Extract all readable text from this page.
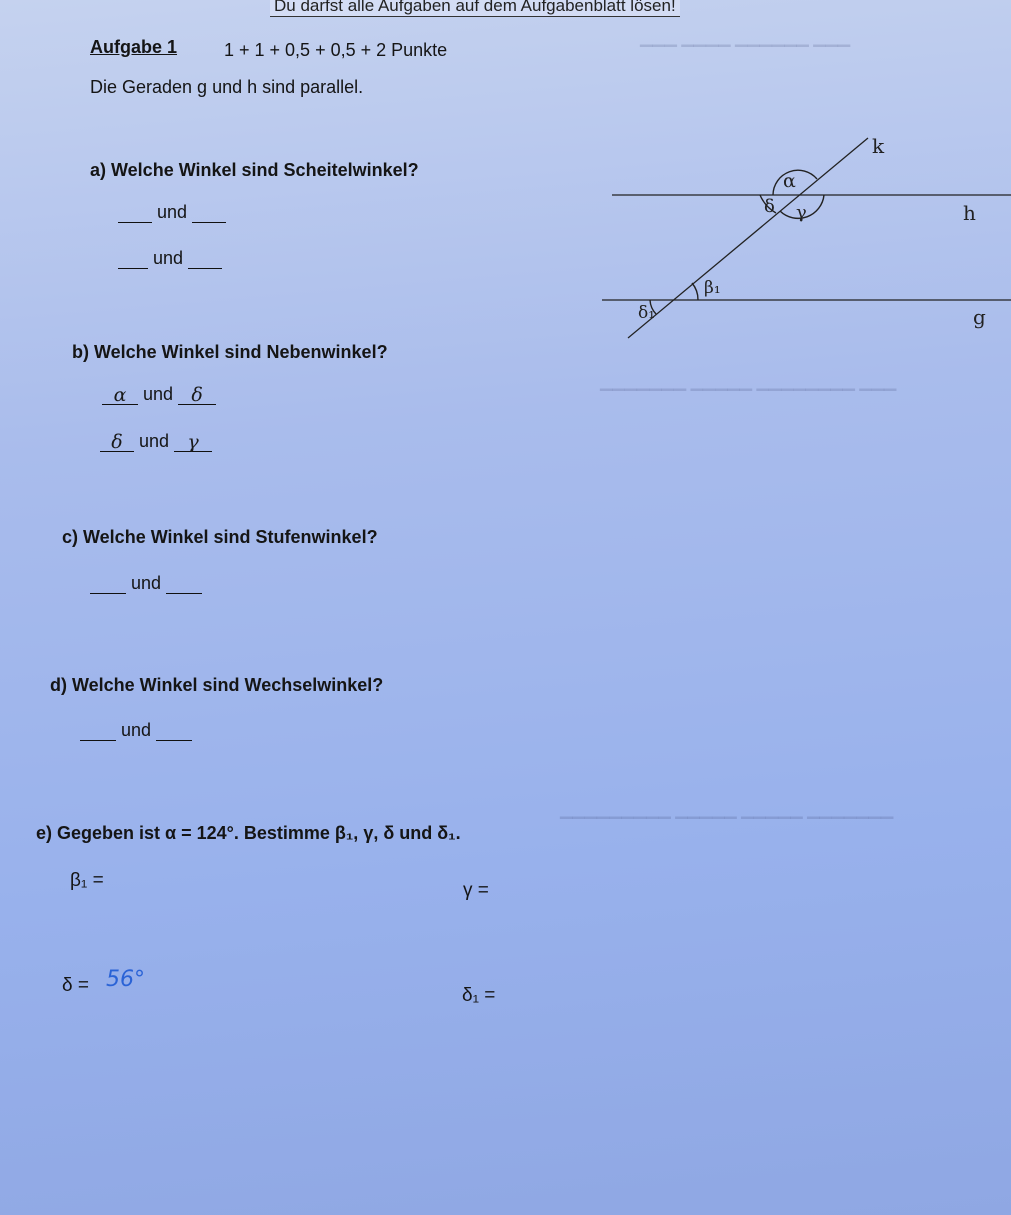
Du darfst alle Aufgaben auf dem Aufgabenblatt lösen!
▁▁▁ ▁▁▁▁ ▁▁▁▁▁▁ ▁▁▁
▁▁▁▁▁▁▁ ▁▁▁▁▁ ▁▁▁▁▁▁▁▁ ▁▁▁
▁▁▁▁▁▁▁▁▁ ▁▁▁▁▁ ▁▁▁▁▁ ▁▁▁▁▁▁▁
Aufgabe 1	1 + 1 + 0,5 + 0,5 + 2 Punkte
Die Geraden g und h sind parallel.
a) Welche Winkel sind Scheitelwinkel?
und
und
b) Welche Winkel sind Nebenwinkel?
α und δ
δ und γ
c) Welche Winkel sind Stufenwinkel?
und
d) Welche Winkel sind Wechselwinkel?
und
e) Gegeben ist α = 124°. Bestimme β₁, γ, δ und δ₁.
β₁ =	γ =
δ = 56°
δ₁ =
k
h
g
α
δ γ
β₁
δ₁
